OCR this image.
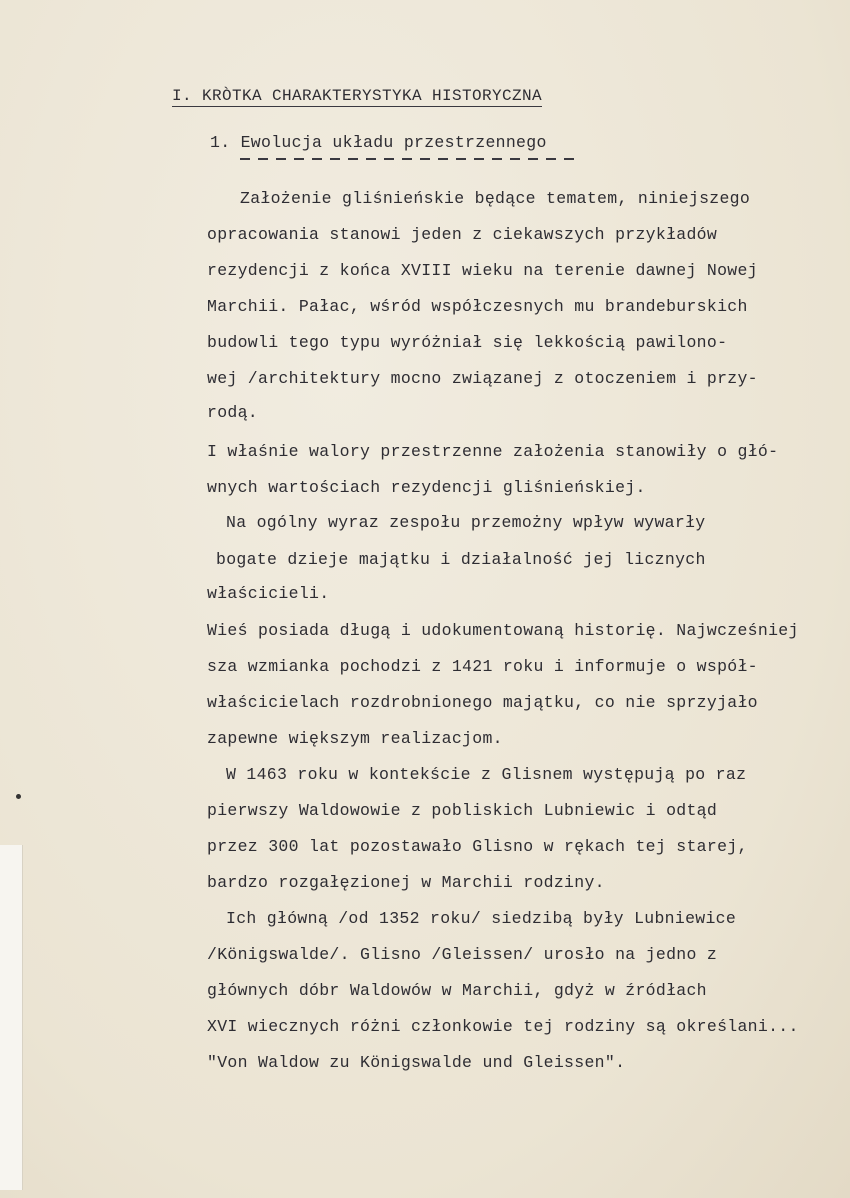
I. KRÒTKA CHARAKTERYSTYKA HISTORYCZNA

1. Ewolucja układu przestrzennego

Założenie gliśnieńskie będące tematem, niniejszego

opracowania stanowi jeden z ciekawszych przykładów

rezydencji z końca XVIII wieku na terenie dawnej Nowej

Marchii. Pałac, wśród współczesnych mu brandeburskich

budowli tego typu wyróżniał się lekkością pawilono-

wej /architektury mocno związanej z otoczeniem i przy-

rodą.

I właśnie walory przestrzenne założenia stanowiły o głó-

wnych wartościach rezydencji gliśnieńskiej.

Na ogólny wyraz zespołu przemożny wpływ wywarły

bogate dzieje majątku i działalność jej licznych

właścicieli.

Wieś posiada długą i udokumentowaną historię. Najwcześniej

sza wzmianka pochodzi z 1421 roku i informuje o współ-

właścicielach rozdrobnionego majątku, co nie sprzyjało

zapewne większym realizacjom.

W 1463 roku w kontekście z Glisnem występują po raz

pierwszy Waldowowie z pobliskich Lubniewic i odtąd

przez 300 lat pozostawało Glisno w rękach tej starej,

bardzo rozgałęzionej w Marchii rodziny.

Ich główną /od 1352 roku/ siedzibą były Lubniewice

/Königswalde/. Glisno /Gleissen/ urosło na jedno z

głównych dóbr Waldowów w Marchii, gdyż w źródłach

XVI wiecznych różni członkowie tej rodziny są określani...

"Von Waldow zu Königswalde und Gleissen".
